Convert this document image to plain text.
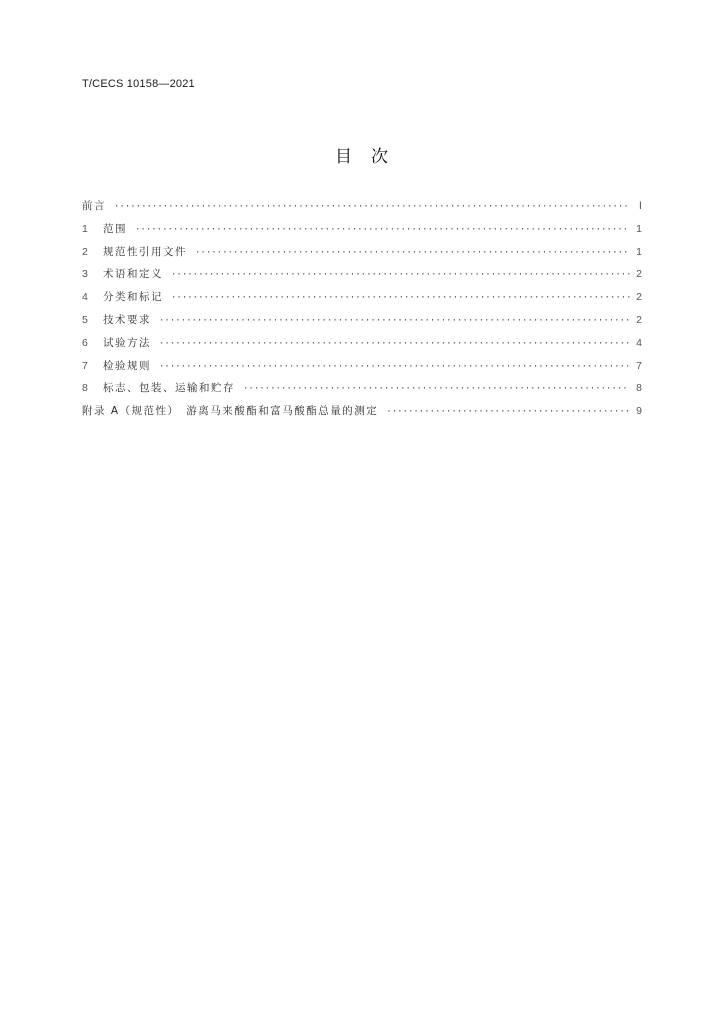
T/CECS 10158—2021
目　次
前言 ·····	Ⅰ
1	范围 ·····	1
2	规范性引用文件 ·····	1
3	术语和定义 ·····	2
4	分类和标记 ·····	2
5	技术要求 ·····	2
6	试验方法 ·····	4
7	检验规则 ·····	7
8	标志、包装、运输和贮存 ·····	8
附录 A（规范性）　游离马来酸酯和富马酸酯总量的测定 ·····	9
